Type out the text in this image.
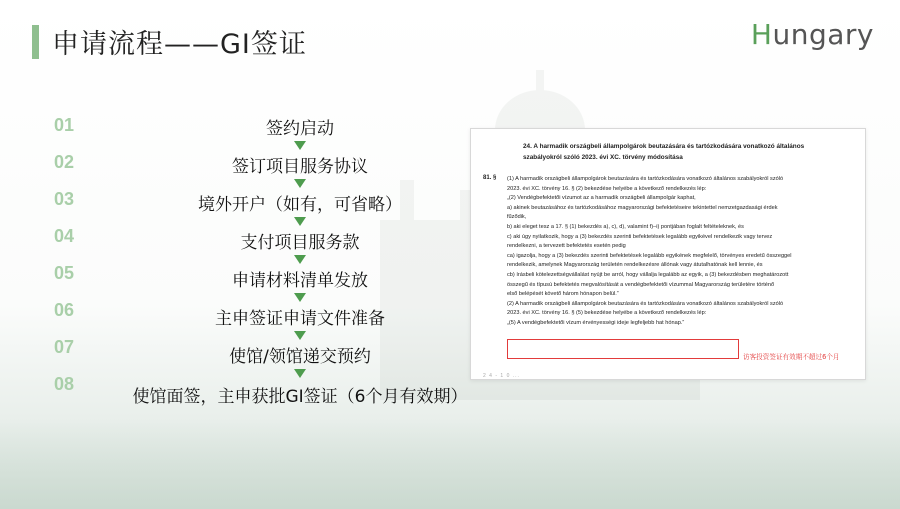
申请流程——GI签证	Hungary
01
02
03
04
05
06
07
08
签约启动
签订项目服务协议
境外开户（如有，可省略）
支付项目服务款
申请材料清单发放
主申签证申请文件准备
使馆/领馆递交预约
使馆面签，主申获批GI签证（6个月有效期）
24. A harmadik országbeli állampolgárok beutazására és tartózkodására vonatkozó általános szabályokról szóló 2023. évi XC. törvény módosítása
81. § (1) A harmadik országbeli állampolgárok beutazására és tartózkodására vonatkozó általános szabályokról szóló

2023. évi XC. törvény 16. § (2) bekezdése helyébe a következő rendelkezés lép:

„(2) Vendégbefektetői vízumot az a harmadik országbeli állampolgár kaphat,

a) akinek beutazásához és tartózkodásához magyarországi befektetéseire tekintettel nemzetgazdasági érdek

fűződik,

b) aki eleget tesz a 17. § (1) bekezdés a), c), d), valamint f)–i) pontjában foglalt feltételeknek, és

c) aki úgy nyilatkozik, hogy a (3) bekezdés szerinti befektetések legalább egyikével rendelkezik vagy tervez

rendelkezni, a tervezett befektetés esetén pedig

ca) igazolja, hogy a (3) bekezdés szerinti befektetések legalább egyikének megfelelő, törvényes eredetű összeggel

rendelkezik, amelynek Magyarország területén rendelkezésre állónak vagy átutalhatónak kell lennie, és

cb) írásbeli kötelezettségvállalást nyújt be arról, hogy vállalja legalább az egyik, a (3) bekezdésben meghatározott

összegű és típusú befektetés megvalósítását a vendégbefektetői vízummal Magyarország területére történő

első belépését követő három hónapon belül.”

(2) A harmadik országbeli állampolgárok beutazására és tartózkodására vonatkozó általános szabályokról szóló

2023. évi XC. törvény 16. § (5) bekezdése helyébe a következő rendelkezés lép:

„(5) A vendégbefektetői vízum érvényességi ideje legfeljebb hat hónap.”

访客投资签证有效期不超过6个月
2 4 - 1 0 ...
